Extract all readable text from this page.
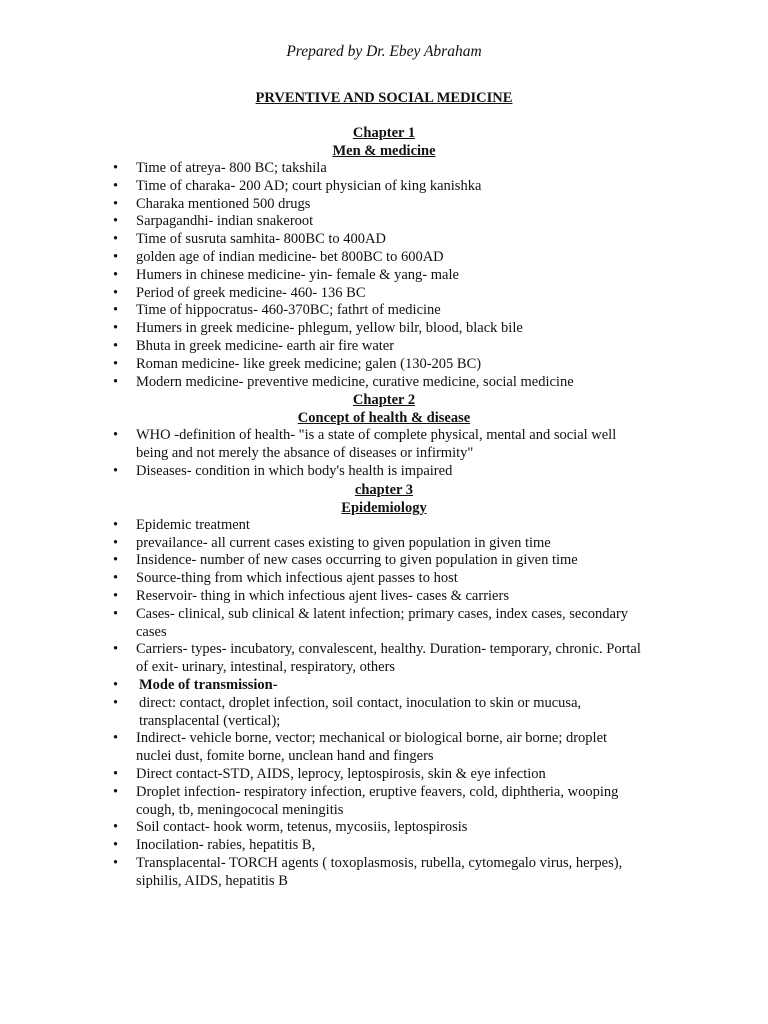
Prepared by Dr. Ebey Abraham
PRVENTIVE AND SOCIAL MEDICINE
Chapter 1
Men & medicine
• Time of atreya- 800 BC; takshila
• Time of charaka- 200 AD; court physician of king kanishka
• Charaka mentioned 500 drugs
• Sarpagandhi- indian snakeroot
• Time of susruta samhita- 800BC to 400AD
• golden age of indian medicine- bet 800BC to 600AD
• Humers in chinese medicine- yin- female & yang- male
• Period of greek medicine- 460- 136 BC
• Time of hippocratus- 460-370BC; fathrt of medicine
• Humers in greek medicine- phlegum, yellow bilr, blood, black bile
• Bhuta in greek medicine- earth air fire water
• Roman medicine- like greek medicine; galen (130-205 BC)
• Modern medicine- preventive medicine, curative medicine, social medicine
Chapter 2
Concept of health & disease
• WHO -definition of health- "is a state of complete physical, mental and social well being and not merely the absance of diseases or infirmity"
• Diseases- condition in which body's health is impaired
chapter 3
Epidemiology
• Epidemic treatment
• prevailance- all current cases existing to given population in given time
• Insidence- number of new cases occurring to given population in given time
• Source-thing from which infectious ajent passes to host
• Reservoir- thing in which infectious ajent lives- cases & carriers
• Cases- clinical, sub clinical & latent infection; primary cases, index cases, secondary cases
• Carriers- types- incubatory, convalescent, healthy. Duration- temporary, chronic. Portal of exit- urinary, intestinal, respiratory, others
• Mode of transmission-
• direct: contact, droplet infection, soil contact, inoculation to skin or mucusa, transplacental (vertical);
• Indirect- vehicle borne, vector; mechanical or biological borne, air borne; droplet nuclei dust, fomite borne, unclean hand and fingers
• Direct contact-STD, AIDS, leprocy, leptospirosis, skin & eye infection
• Droplet infection- respiratory infection, eruptive feavers, cold, diphtheria, wooping cough, tb, meningococal meningitis
• Soil contact- hook worm, tetenus, mycosiis, leptospirosis
• Inocilation- rabies, hepatitis B,
• Transplacental- TORCH agents ( toxoplasmosis, rubella, cytomegalo virus, herpes), siphilis, AIDS, hepatitis B
